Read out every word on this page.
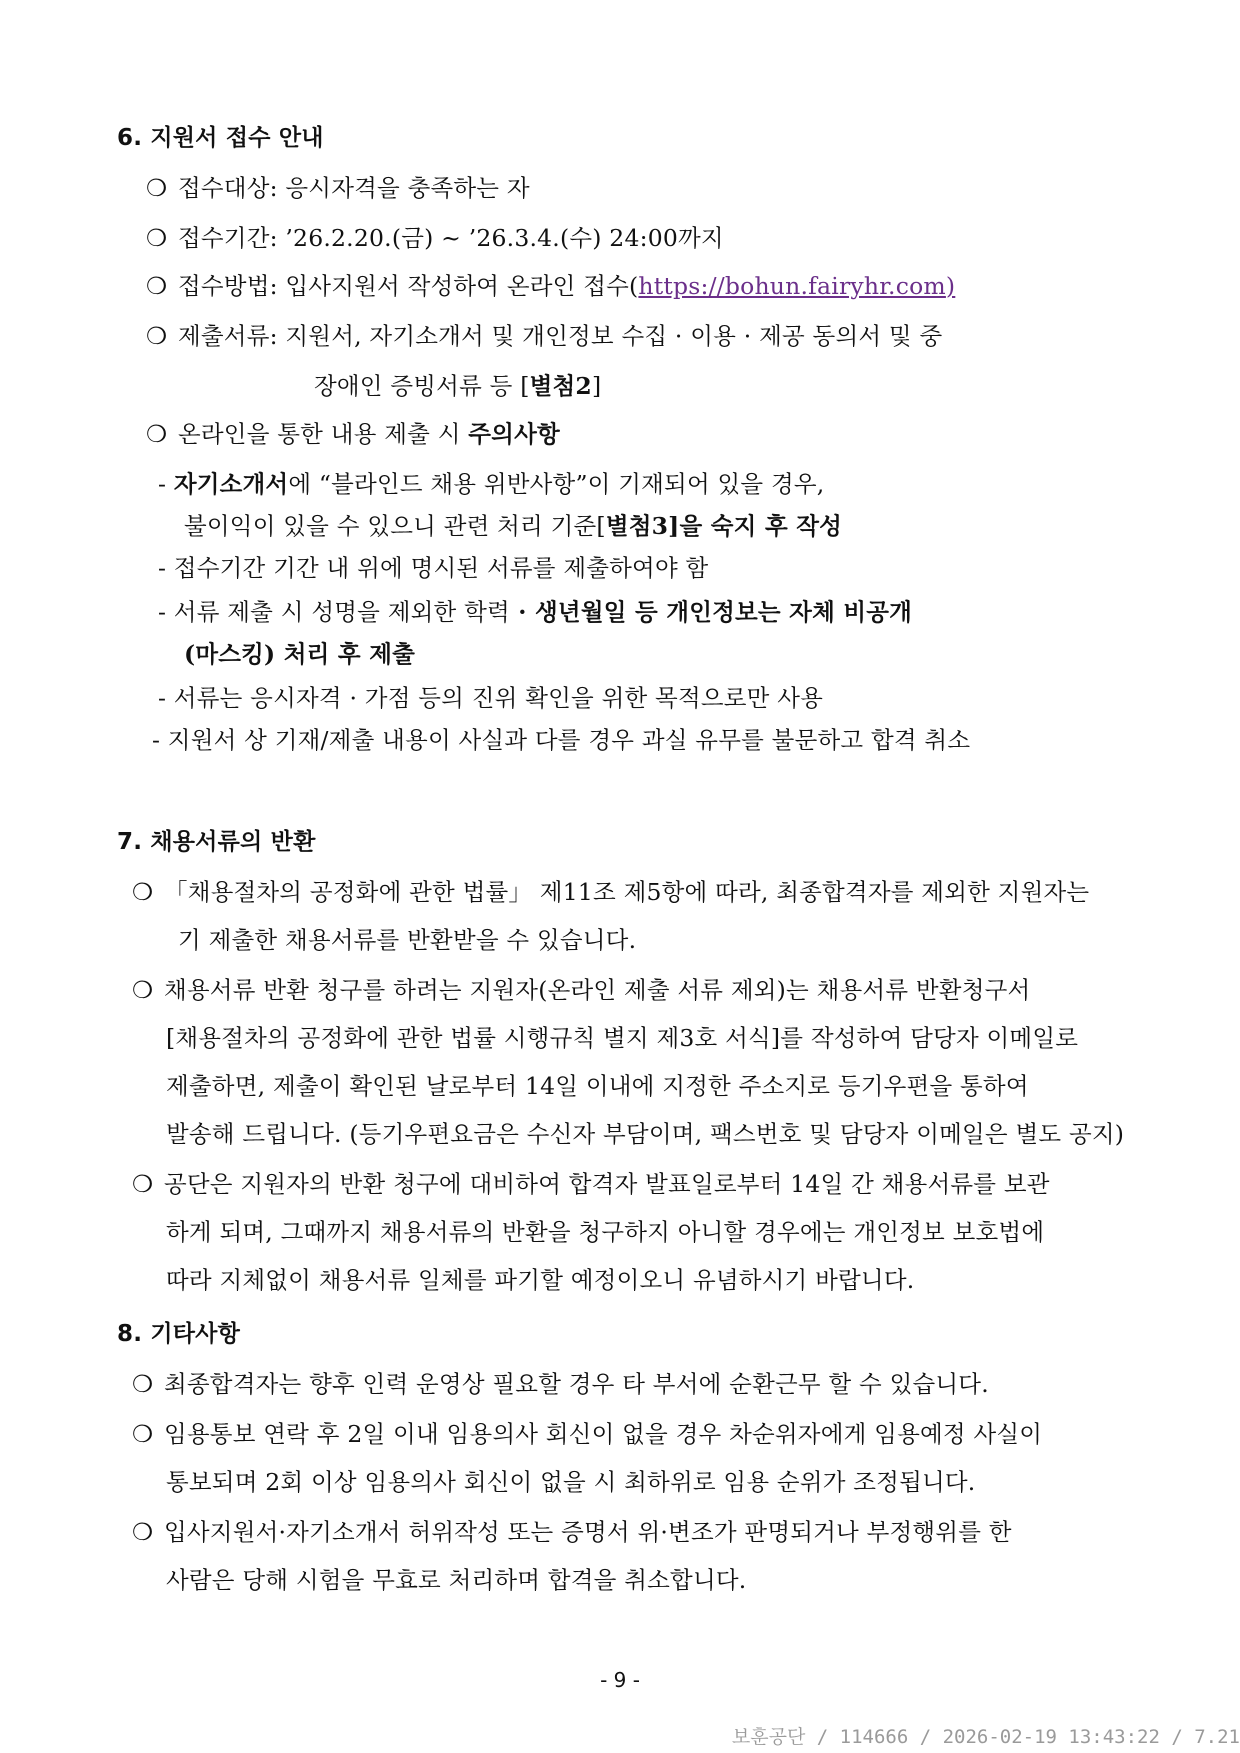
6. 지원서 접수 안내
❍ 접수대상: 응시자격을 충족하는 자
❍ 접수기간: ’26.2.20.(금) ~ ’26.3.4.(수) 24:00까지
❍ 접수방법: 입사지원서 작성하여 온라인 접수(https://bohun.fairyhr.com)
❍ 제출서류: 지원서, 자기소개서 및 개인정보 수집 · 이용 · 제공 동의서 및 중
장애인 증빙서류 등 [별첨2]
❍ 온라인을 통한 내용 제출 시 주의사항
- 자기소개서에 “블라인드 채용 위반사항”이 기재되어 있을 경우,
불이익이 있을 수 있으니 관련 처리 기준[별첨3]을 숙지 후 작성
- 접수기간 기간 내 위에 명시된 서류를 제출하여야 함
- 서류 제출 시 성명을 제외한 학력 · 생년월일 등 개인정보는 자체 비공개
(마스킹) 처리 후 제출
- 서류는 응시자격 · 가점 등의 진위 확인을 위한 목적으로만 사용
- 지원서 상 기재/제출 내용이 사실과 다를 경우 과실 유무를 불문하고 합격 취소
7. 채용서류의 반환
❍ 「채용절차의 공정화에 관한 법률」 제11조 제5항에 따라, 최종합격자를 제외한 지원자는
기 제출한 채용서류를 반환받을 수 있습니다.
❍ 채용서류 반환 청구를 하려는 지원자(온라인 제출 서류 제외)는 채용서류 반환청구서
[채용절차의 공정화에 관한 법률 시행규칙 별지 제3호 서식]를 작성하여 담당자 이메일로
제출하면, 제출이 확인된 날로부터 14일 이내에 지정한 주소지로 등기우편을 통하여
발송해 드립니다. (등기우편요금은 수신자 부담이며, 팩스번호 및 담당자 이메일은 별도 공지)
❍ 공단은 지원자의 반환 청구에 대비하여 합격자 발표일로부터 14일 간 채용서류를 보관
하게 되며, 그때까지 채용서류의 반환을 청구하지 아니할 경우에는 개인정보 보호법에
따라 지체없이 채용서류 일체를 파기할 예정이오니 유념하시기 바랍니다.
8. 기타사항
❍ 최종합격자는 향후 인력 운영상 필요할 경우 타 부서에 순환근무 할 수 있습니다.
❍ 임용통보 연락 후 2일 이내 임용의사 회신이 없을 경우 차순위자에게 임용예정 사실이
통보되며 2회 이상 임용의사 회신이 없을 시 최하위로 임용 순위가 조정됩니다.
❍ 입사지원서·자기소개서 허위작성 또는 증명서 위·변조가 판명되거나 부정행위를 한
사람은 당해 시험을 무효로 처리하며 합격을 취소합니다.
- 9 -
보훈공단 / 114666 / 2026-02-19 13:43:22 / 7.21
